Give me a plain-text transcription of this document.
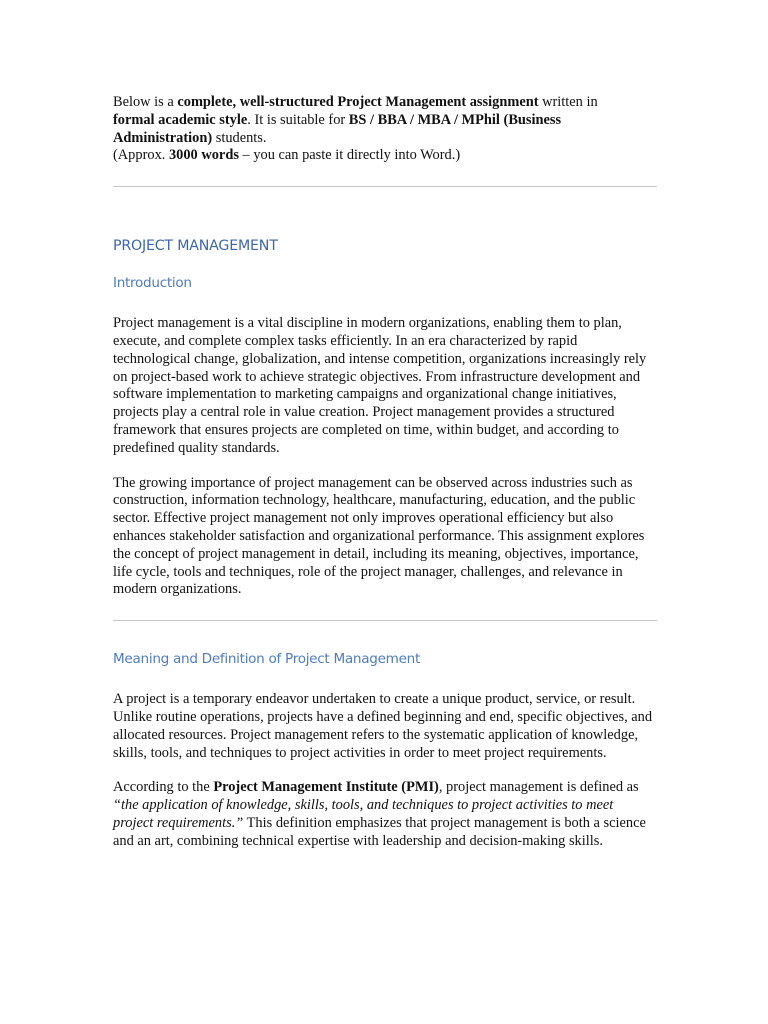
Below is a complete, well-structured Project Management assignment written in
formal academic style. It is suitable for BS / BBA / MBA / MPhil (Business Administration) students.
(Approx. 3000 words – you can paste it directly into Word.)

PROJECT MANAGEMENT
Introduction

Project management is a vital discipline in modern organizations, enabling them to plan, execute, and complete complex tasks efficiently. In an era characterized by rapid technological change, globalization, and intense competition, organizations increasingly rely on project-based work to achieve strategic objectives. From infrastructure development and software implementation to marketing campaigns and organizational change initiatives, projects play a central role in value creation. Project management provides a structured framework that ensures projects are completed on time, within budget, and according to predefined quality standards.

The growing importance of project management can be observed across industries such as construction, information technology, healthcare, manufacturing, education, and the public sector. Effective project management not only improves operational efficiency but also enhances stakeholder satisfaction and organizational performance. This assignment explores the concept of project management in detail, including its meaning, objectives, importance, life cycle, tools and techniques, role of the project manager, challenges, and relevance in modern organizations.

Meaning and Definition of Project Management

A project is a temporary endeavor undertaken to create a unique product, service, or result. Unlike routine operations, projects have a defined beginning and end, specific objectives, and allocated resources. Project management refers to the systematic application of knowledge, skills, tools, and techniques to project activities in order to meet project requirements.

According to the Project Management Institute (PMI), project management is defined as “the application of knowledge, skills, tools, and techniques to project activities to meet project requirements.” This definition emphasizes that project management is both a science and an art, combining technical expertise with leadership and decision-making skills.
